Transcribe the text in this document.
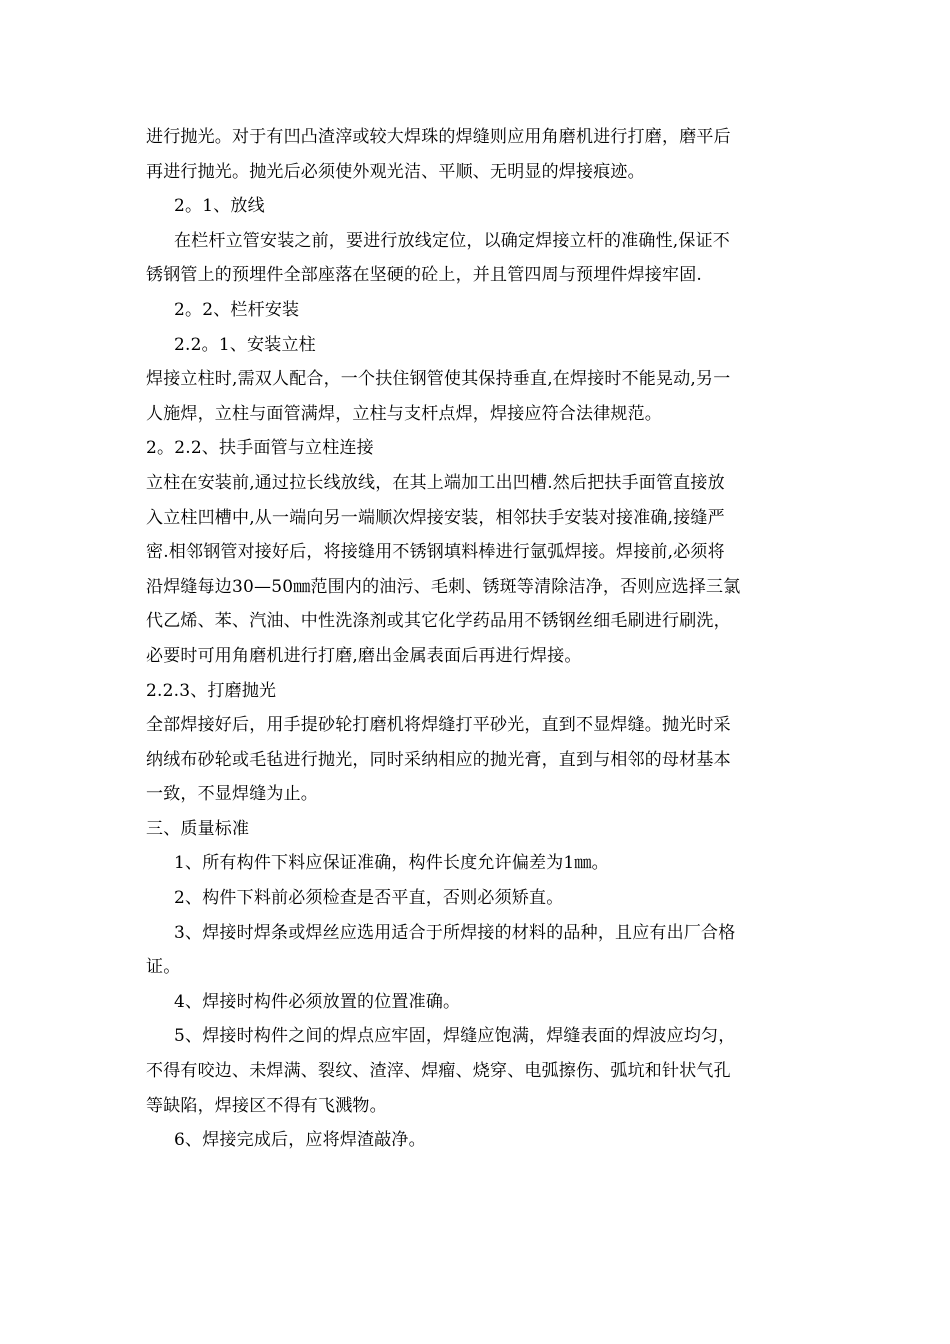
进行抛光。对于有凹凸渣滓或较大焊珠的焊缝则应用角磨机进行打磨，磨平后
再进行抛光。抛光后必须使外观光洁、平顺、无明显的焊接痕迹。
2。1、放线
在栏杆立管安装之前，要进行放线定位，以确定焊接立杆的准确性,保证不
锈钢管上的预埋件全部座落在坚硬的砼上，并且管四周与预埋件焊接牢固.
2。2、栏杆安装
2.2。1、安装立柱
焊接立柱时,需双人配合，一个扶住钢管使其保持垂直,在焊接时不能晃动,另一
人施焊，立柱与面管满焊，立柱与支杆点焊，焊接应符合法律规范。
2。2.2、扶手面管与立柱连接
立柱在安装前,通过拉长线放线，在其上端加工出凹槽.然后把扶手面管直接放
入立柱凹槽中,从一端向另一端顺次焊接安装，相邻扶手安装对接准确,接缝严
密.相邻钢管对接好后，将接缝用不锈钢填料棒进行氩弧焊接。焊接前,必须将
沿焊缝每边30—50㎜范围内的油污、毛刺、锈斑等清除洁净，否则应选择三氯
代乙烯、苯、汽油、中性洗涤剂或其它化学药品用不锈钢丝细毛刷进行刷洗，
必要时可用角磨机进行打磨,磨出金属表面后再进行焊接。
2.2.3、打磨抛光
全部焊接好后，用手提砂轮打磨机将焊缝打平砂光，直到不显焊缝。抛光时采
纳绒布砂轮或毛毡进行抛光，同时采纳相应的抛光膏，直到与相邻的母材基本
一致，不显焊缝为止。
三、质量标准
1、所有构件下料应保证准确，构件长度允许偏差为1㎜。
2、构件下料前必须检查是否平直，否则必须矫直。
3、焊接时焊条或焊丝应选用适合于所焊接的材料的品种，且应有出厂合格
证。
4、焊接时构件必须放置的位置准确。
5、焊接时构件之间的焊点应牢固，焊缝应饱满，焊缝表面的焊波应均匀，
不得有咬边、未焊满、裂纹、渣滓、焊瘤、烧穿、电弧擦伤、弧坑和针状气孔
等缺陷，焊接区不得有飞溅物。
6、焊接完成后，应将焊渣敲净。
